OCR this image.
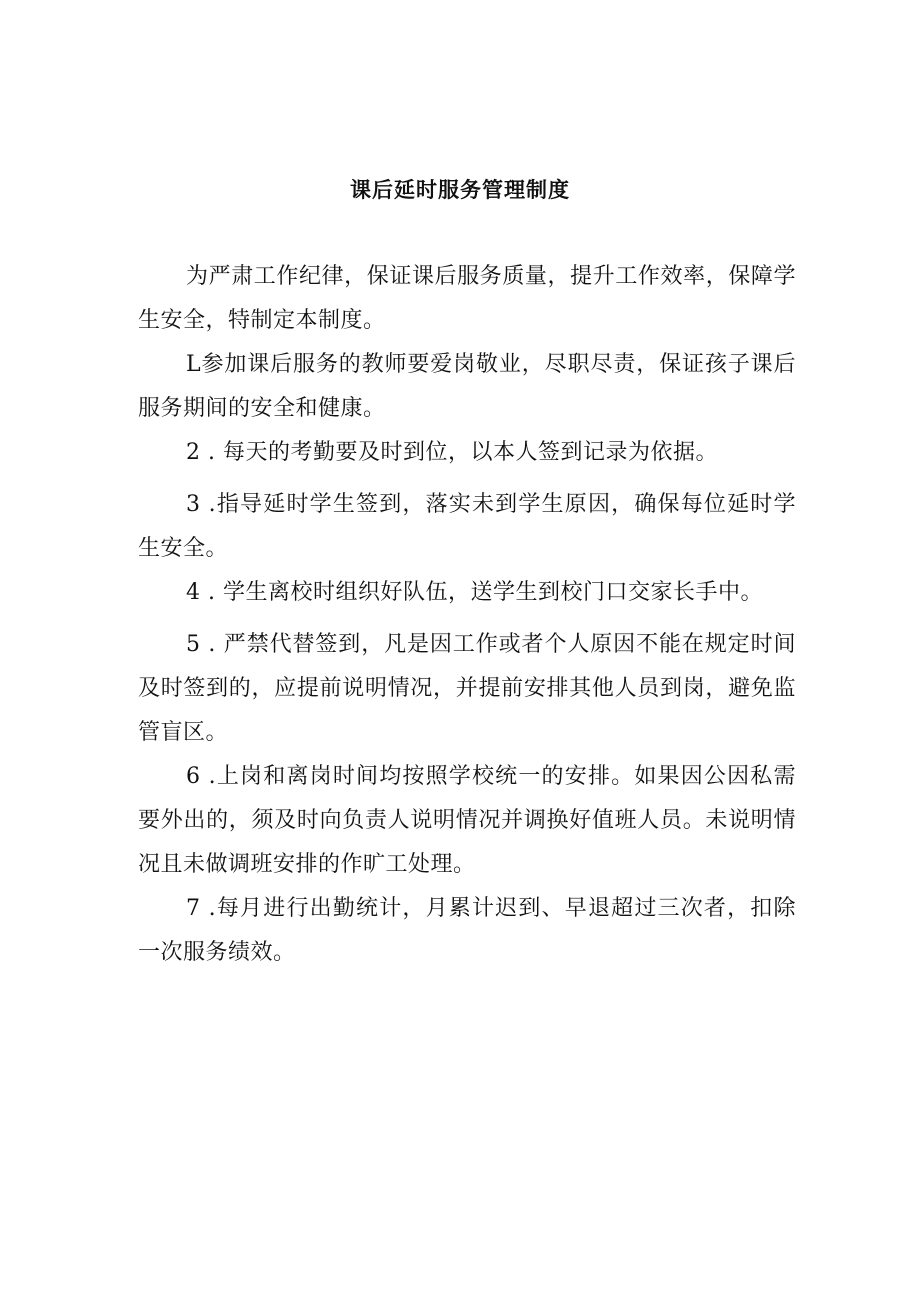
课后延时服务管理制度

为严肃工作纪律，保证课后服务质量，提升工作效率，保障学生安全，特制定本制度。

L参加课后服务的教师要爱岗敬业，尽职尽责，保证孩子课后服务期间的安全和健康。

2 . 每天的考勤要及时到位，以本人签到记录为依据。

3 .指导延时学生签到，落实未到学生原因，确保每位延时学生安全。

4 . 学生离校时组织好队伍，送学生到校门口交家长手中。

5 . 严禁代替签到，凡是因工作或者个人原因不能在规定时间及时签到的，应提前说明情况，并提前安排其他人员到岗，避免监管盲区。

6 .上岗和离岗时间均按照学校统一的安排。如果因公因私需要外出的，须及时向负责人说明情况并调换好值班人员。未说明情况且未做调班安排的作旷工处理。

7 .每月进行出勤统计，月累计迟到、早退超过三次者，扣除一次服务绩效。
